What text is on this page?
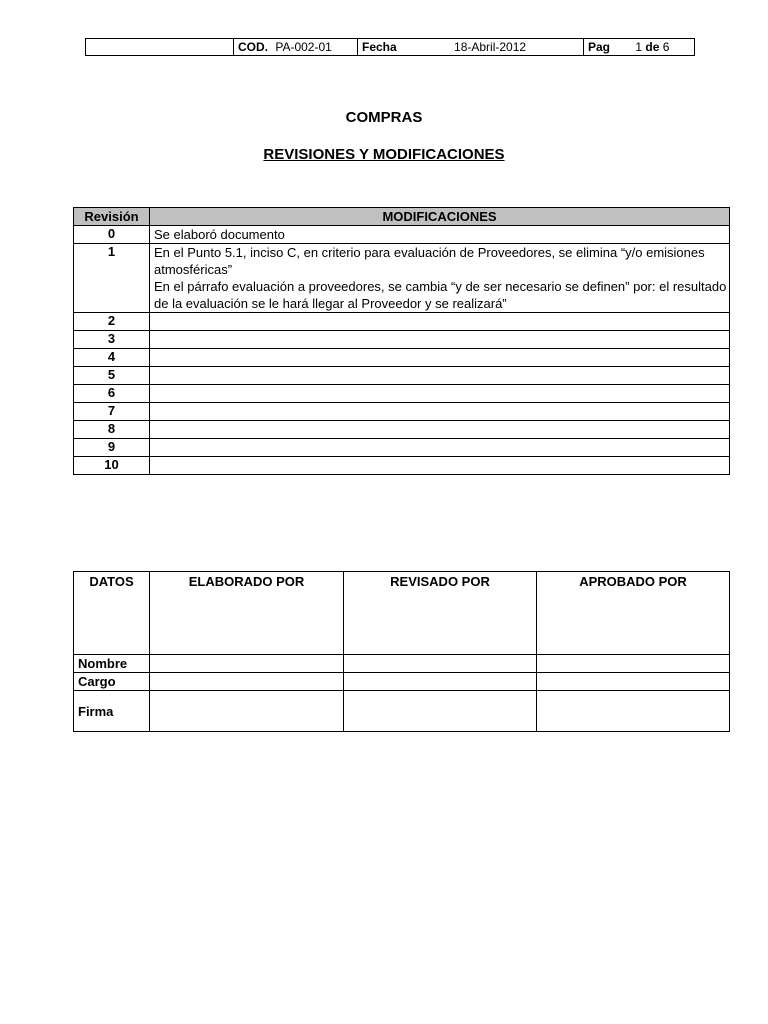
	COD. PA-002-01	Fecha	18-Abril-2012	Pag 1 de 6
COMPRAS
REVISIONES Y MODIFICACIONES
Revisión	MODIFICACIONES
0	Se elaboró documento

1	En el Punto 5.1, inciso C, en criterio para evaluación de Proveedores, se elimina “y/o emisiones atmosféricas”
En el párrafo evaluación a proveedores, se cambia “y de ser necesario se definen” por: el resultado de la evaluación se le hará llegar al Proveedor y se realizará”

2	
3	
4	
5	
6	
7	
8	
9	
10	
DATOS	ELABORADO POR	REVISADO POR	APROBADO POR
Nombre			
Cargo			
Firma			
